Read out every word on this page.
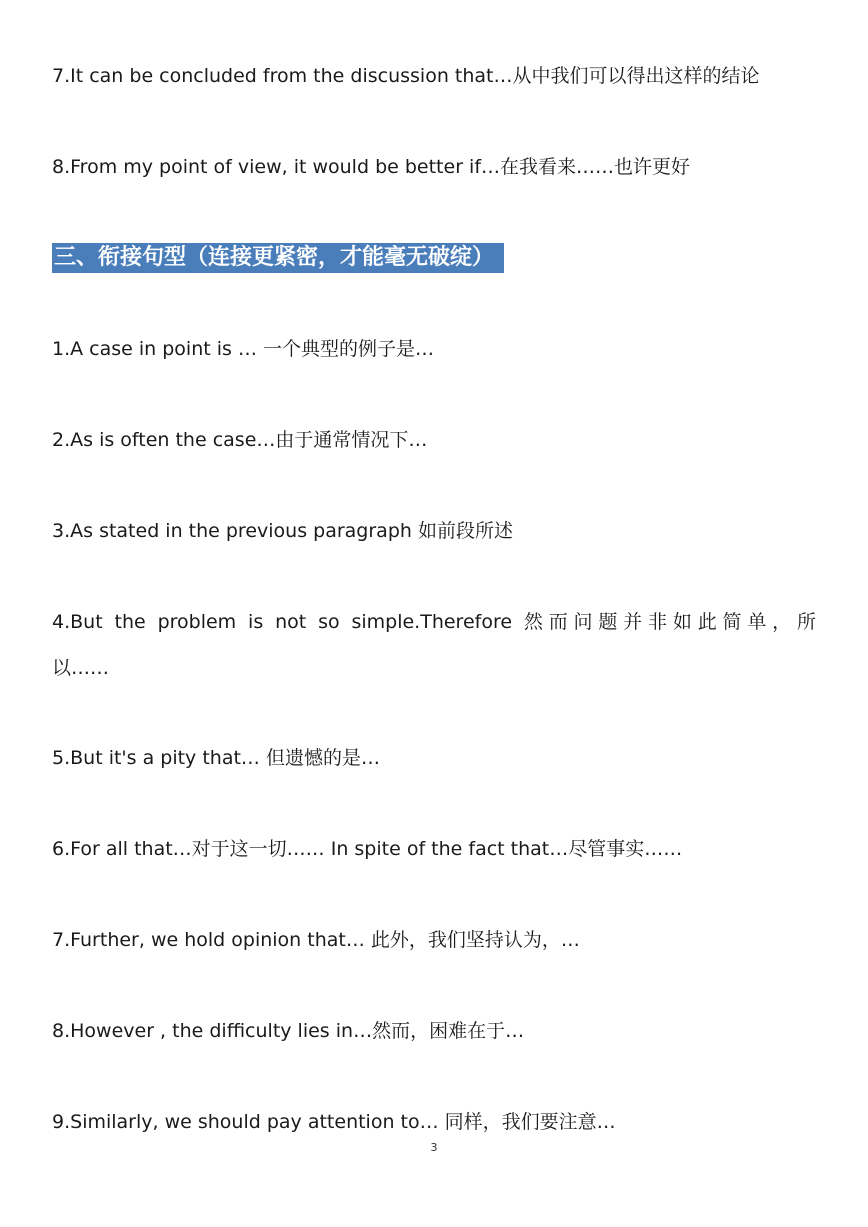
7.It can be concluded from the discussion that…从中我们可以得出这样的结论
8.From my point of view, it would be better if…在我看来……也许更好
三、衔接句型（连接更紧密，才能毫无破绽）
1.A case in point is … 一个典型的例子是…
2.As is often the case…由于通常情况下…
3.As stated in the previous paragraph 如前段所述
4.But the problem is not so simple.Therefore 然而问题并非如此简单，所
以……
5.But it's a pity that… 但遗憾的是…
6.For all that…对于这一切…… In spite of the fact that…尽管事实……
7.Further, we hold opinion that… 此外，我们坚持认为，…
8.However , the difficulty lies in…然而，困难在于…
9.Similarly, we should pay attention to… 同样，我们要注意…
3
